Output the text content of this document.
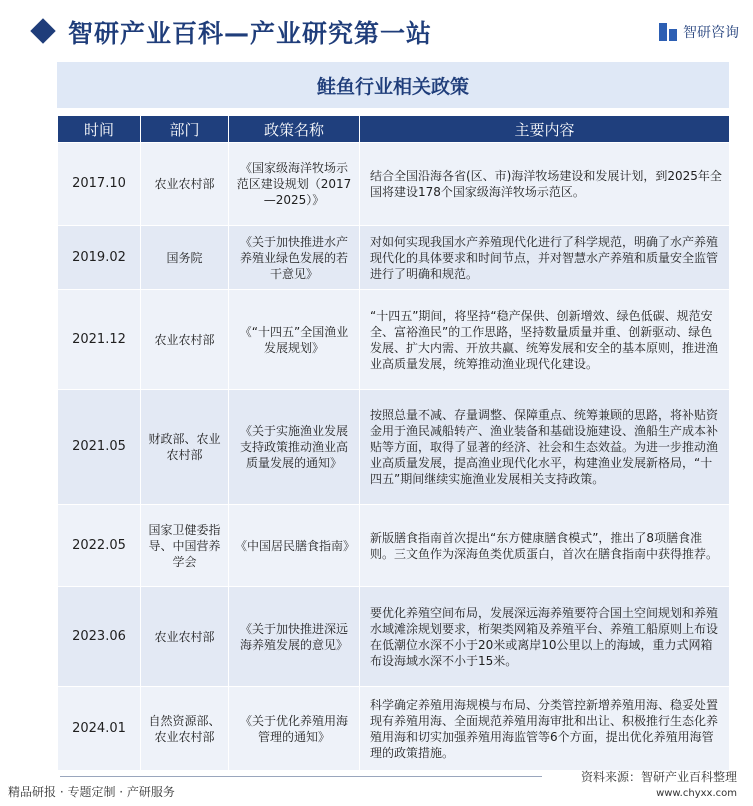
智研产业百科—产业研究第一站	智研咨询
鲑鱼行业相关政策
时间	部门	政策名称	主要内容
2017.10	农业农村部	《国家级海洋牧场示范区建设规划（2017—2025）》	结合全国沿海各省(区、市)海洋牧场建设和发展计划，到2025年全国将建设178个国家级海洋牧场示范区。
2019.02	国务院	《关于加快推进水产养殖业绿色发展的若干意见》	对如何实现我国水产养殖现代化进行了科学规范，明确了水产养殖现代化的具体要求和时间节点，并对智慧水产养殖和质量安全监管进行了明确和规范。
2021.12	农业农村部	《“十四五”全国渔业发展规划》	“十四五”期间，将坚持“稳产保供、创新增效、绿色低碳、规范安全、富裕渔民”的工作思路，坚持数量质量并重、创新驱动、绿色发展、扩大内需、开放共赢、统筹发展和安全的基本原则，推进渔业高质量发展，统筹推动渔业现代化建设。
2021.05	财政部、农业农村部	《关于实施渔业发展支持政策推动渔业高质量发展的通知》	按照总量不减、存量调整、保障重点、统筹兼顾的思路，将补贴资金用于渔民减船转产、渔业装备和基础设施建设、渔船生产成本补贴等方面，取得了显著的经济、社会和生态效益。为进一步推动渔业高质量发展，提高渔业现代化水平，构建渔业发展新格局，“十四五”期间继续实施渔业发展相关支持政策。
2022.05	国家卫健委指导、中国营养学会	《中国居民膳食指南》	新版膳食指南首次提出“东方健康膳食模式”，推出了8项膳食准则。三文鱼作为深海鱼类优质蛋白，首次在膳食指南中获得推荐。
2023.06	农业农村部	《关于加快推进深远海养殖发展的意见》	要优化养殖空间布局，发展深远海养殖要符合国土空间规划和养殖水域滩涂规划要求，桁架类网箱及养殖平台、养殖工船原则上布设在低潮位水深不小于20米或离岸10公里以上的海域，重力式网箱布设海域水深不小于15米。
2024.01	自然资源部、农业农村部	《关于优化养殖用海管理的通知》	科学确定养殖用海规模与布局、分类管控新增养殖用海、稳妥处置现有养殖用海、全面规范养殖用海审批和出让、积极推行生态化养殖用海和切实加强养殖用海监管等6个方面，提出优化养殖用海管理的政策措施。
精品研报 · 专题定制 · 产研服务
资料来源：智研产业百科整理
www.chyxx.com
